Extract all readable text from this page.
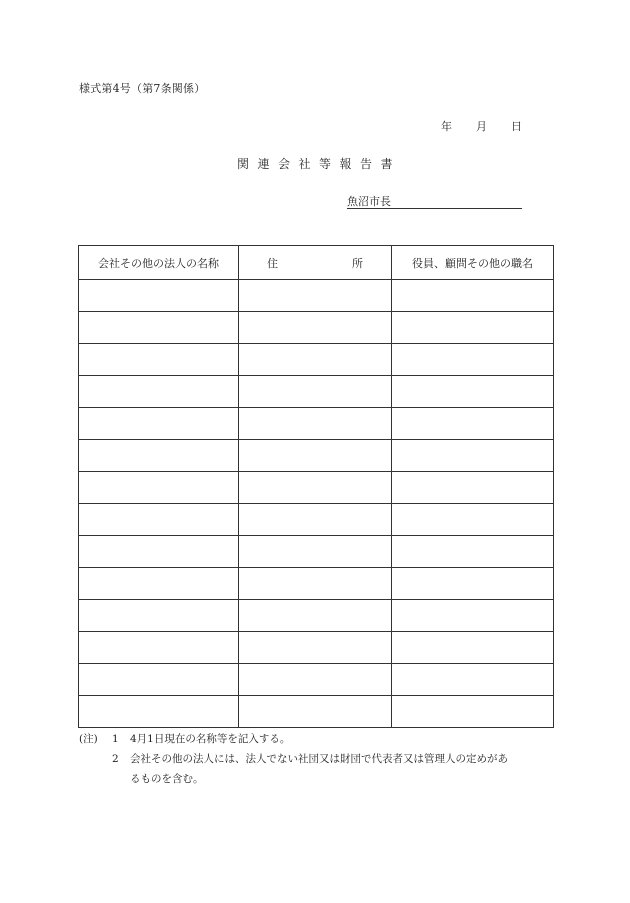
様式第4号（第7条関係）
年 月 日
関連会社等報告書
魚沼市長
会社その他の法人の名称	住 所	役員、顧問その他の職名

(注)	1	4月1日現在の名称等を記入する。
2	会社その他の法人には、法人でない社団又は財団で代表者又は管理人の定めがあ
るものを含む。
